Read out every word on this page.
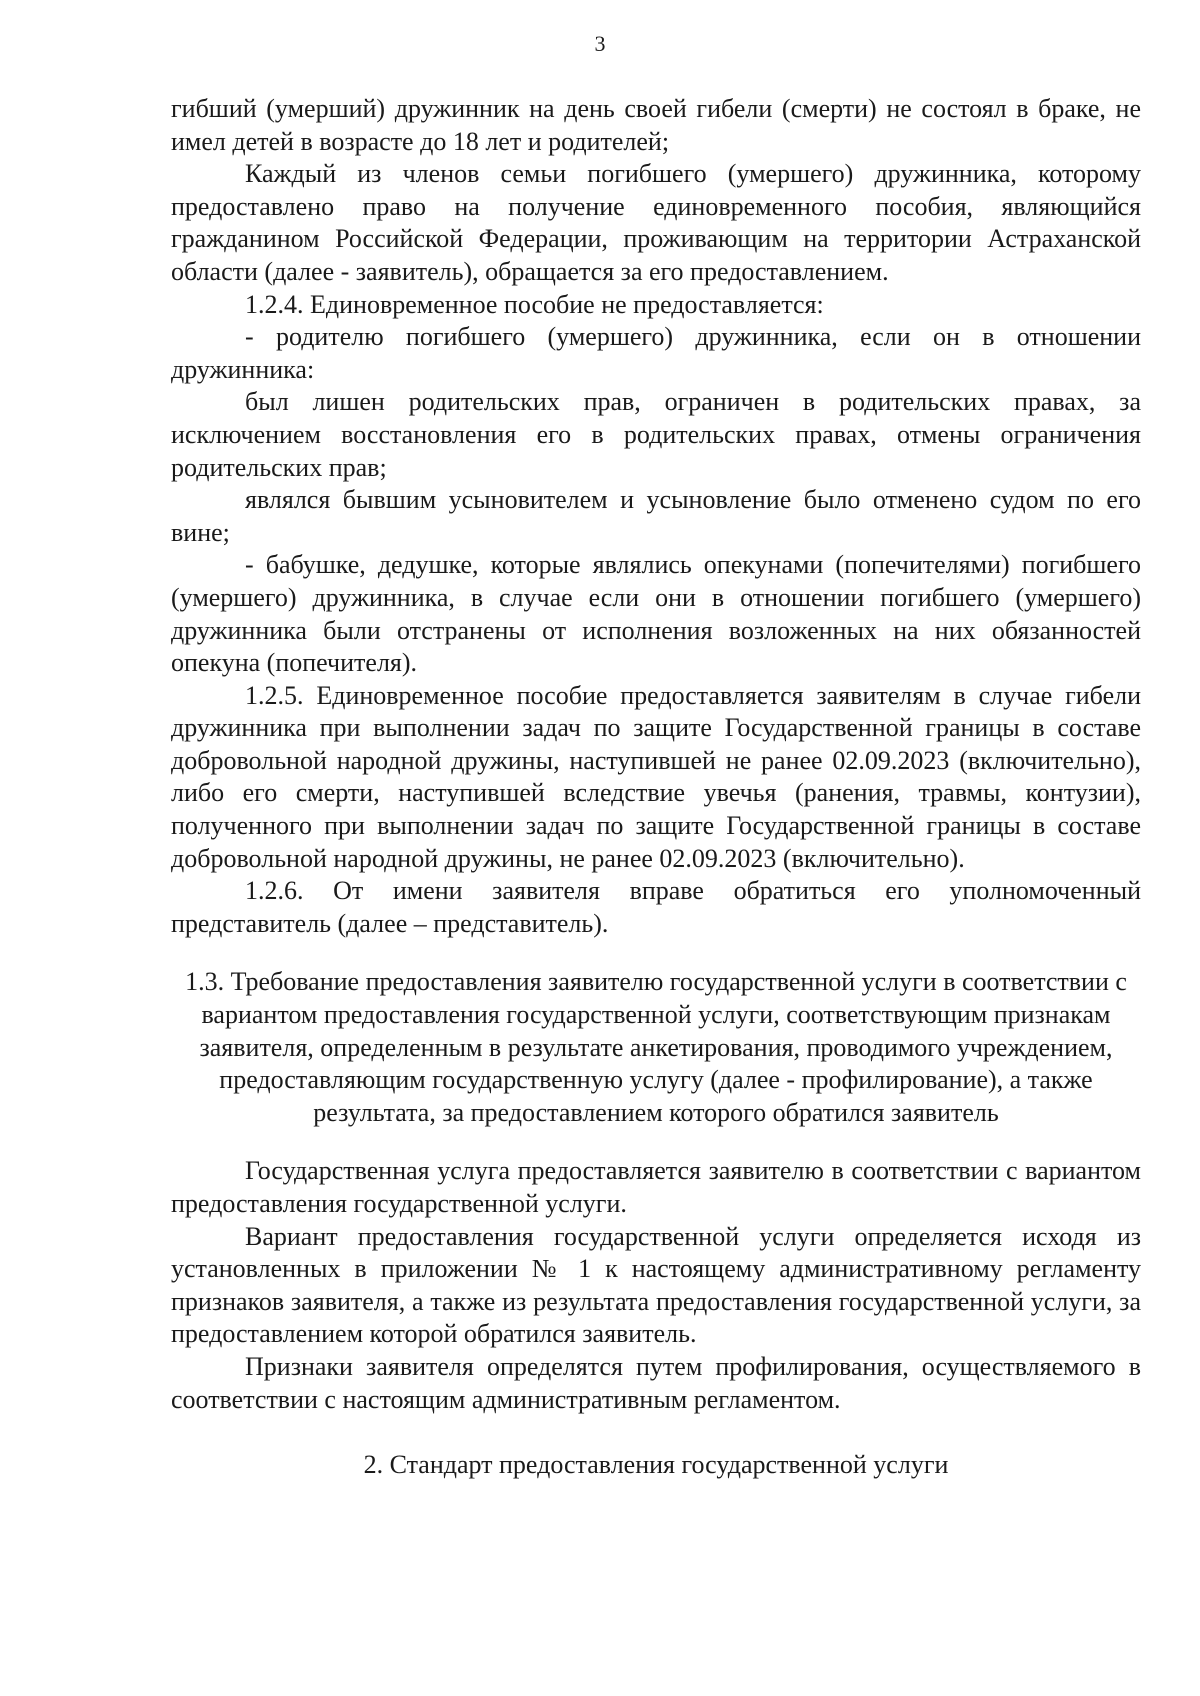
3

гибший (умерший) дружинник на день своей гибели (смерти) не состоял в браке, не имел детей в возрасте до 18 лет и родителей;

Каждый из членов семьи погибшего (умершего) дружинника, которому предоставлено право на получение единовременного пособия, являющийся гражданином Российской Федерации, проживающим на территории Астраханской области (далее - заявитель), обращается за его предоставлением.

1.2.4. Единовременное пособие не предоставляется:

- родителю погибшего (умершего) дружинника, если он в отношении дружинника:

был лишен родительских прав, ограничен в родительских правах, за исключением восстановления его в родительских правах, отмены ограничения родительских прав;

являлся бывшим усыновителем и усыновление было отменено судом по его вине;

- бабушке, дедушке, которые являлись опекунами (попечителями) погибшего (умершего) дружинника, в случае если они в отношении погибшего (умершего) дружинника были отстранены от исполнения возложенных на них обязанностей опекуна (попечителя).

1.2.5. Единовременное пособие предоставляется заявителям в случае гибели дружинника при выполнении задач по защите Государственной границы в составе добровольной народной дружины, наступившей не ранее 02.09.2023 (включительно), либо его смерти, наступившей вследствие увечья (ранения, травмы, контузии), полученного при выполнении задач по защите Государственной границы в составе добровольной народной дружины, не ранее 02.09.2023 (включительно).

1.2.6. От имени заявителя вправе обратиться его уполномоченный представитель (далее – представитель).

1.3. Требование предоставления заявителю государственной услуги в соответствии с вариантом предоставления государственной услуги, соответствующим признакам заявителя, определенным в результате анкетирования, проводимого учреждением, предоставляющим государственную услугу (далее - профилирование), а также результата, за предоставлением которого обратился заявитель

Государственная услуга предоставляется заявителю в соответствии с вариантом предоставления государственной услуги.

Вариант предоставления государственной услуги определяется исходя из установленных в приложении № 1 к настоящему административному регламенту признаков заявителя, а также из результата предоставления государственной услуги, за предоставлением которой обратился заявитель.

Признаки заявителя определятся путем профилирования, осуществляемого в соответствии с настоящим административным регламентом.

2. Стандарт предоставления государственной услуги
